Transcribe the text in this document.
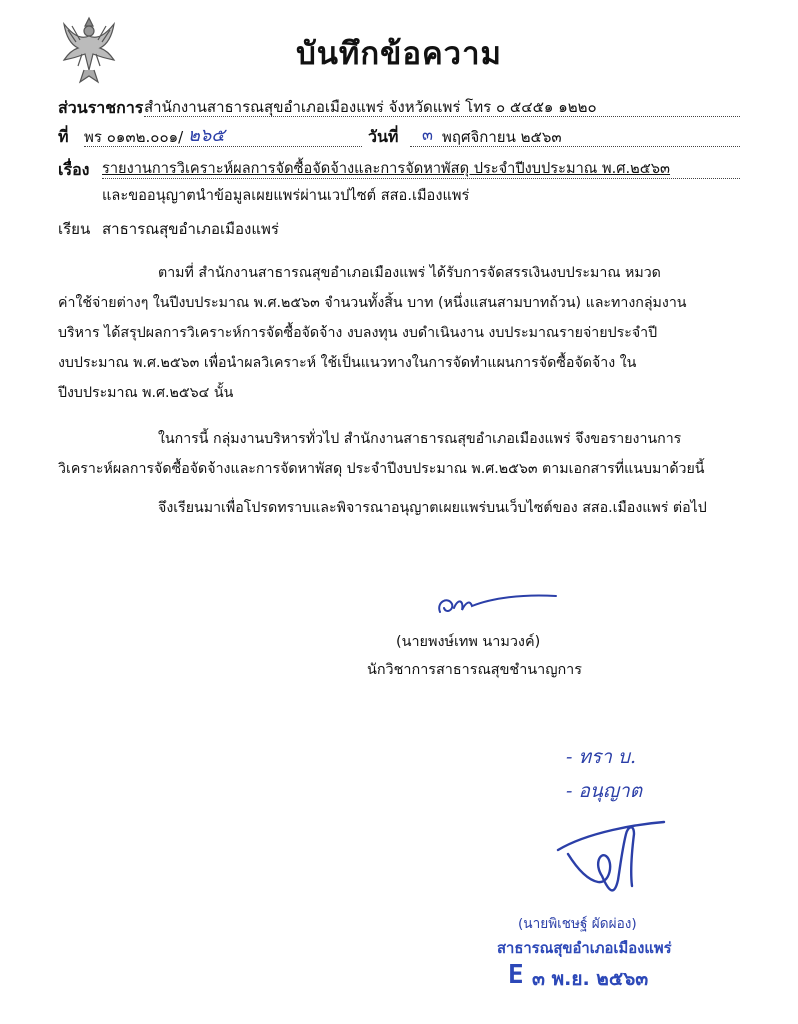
บันทึกข้อความ
ส่วนราชการ สำนักงานสาธารณสุขอำเภอเมืองแพร่ จังหวัดแพร่ โทร ๐ ๕๔๕๑ ๑๒๒๐
ที่ พร ๐๑๓๒.๐๐๑/ ๒๖๕	วันที่ ๓ พฤศจิกายน ๒๕๖๓
เรื่อง รายงานการวิเคราะห์ผลการจัดซื้อจัดจ้างและการจัดหาพัสดุ ประจำปีงบประมาณ พ.ศ.๒๕๖๓
และขออนุญาตนำข้อมูลเผยแพร่ผ่านเวปไซต์ สสอ.เมืองแพร่
เรียน สาธารณสุขอำเภอเมืองแพร่
ตามที่ สำนักงานสาธารณสุขอำเภอเมืองแพร่ ได้รับการจัดสรรเงินงบประมาณ หมวด
ค่าใช้จ่ายต่างๆ ในปีงบประมาณ พ.ศ.๒๕๖๓ จำนวนทั้งสิ้น บาท (หนึ่งแสนสามบาทถ้วน) และทางกลุ่มงาน
บริหาร ได้สรุปผลการวิเคราะห์การจัดซื้อจัดจ้าง งบลงทุน งบดำเนินงาน งบประมาณรายจ่ายประจำปี
งบประมาณ พ.ศ.๒๕๖๓ เพื่อนำผลวิเคราะห์ ใช้เป็นแนวทางในการจัดทำแผนการจัดซื้อจัดจ้าง ใน
ปีงบประมาณ พ.ศ.๒๕๖๔ นั้น
ในการนี้ กลุ่มงานบริหารทั่วไป สำนักงานสาธารณสุขอำเภอเมืองแพร่ จึงขอรายงานการ
วิเคราะห์ผลการจัดซื้อจัดจ้างและการจัดหาพัสดุ ประจำปีงบประมาณ พ.ศ.๒๕๖๓ ตามเอกสารที่แนบมาด้วยนี้
จึงเรียนมาเพื่อโปรดทราบและพิจารณาอนุญาตเผยแพร่บนเว็บไซต์ของ สสอ.เมืองแพร่ ต่อไป
(นายพงษ์เทพ นามวงค์)
นักวิชาการสาธารณสุขชำนาญการ
- ทรา บ.
- อนุญาต
(นายพิเชษฐ์ ผัดผ่อง)
สาธารณสุขอำเภอเมืองแพร่
E ๓ พ.ย. ๒๕๖๓
